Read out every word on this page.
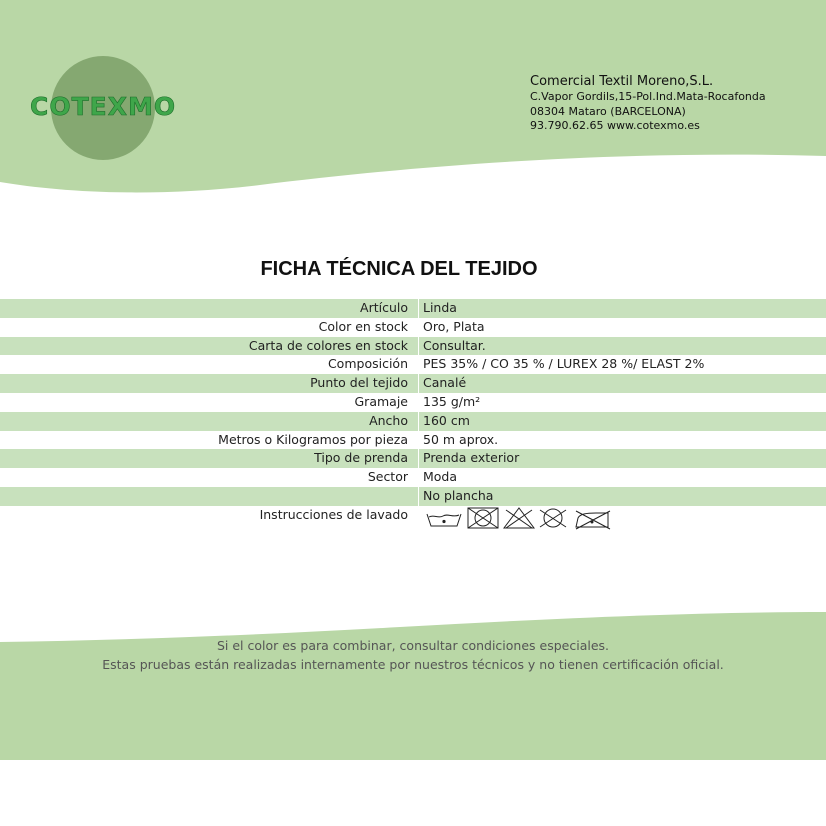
COTEXMO
Comercial Textil Moreno,S.L.
C.Vapor Gordils,15-Pol.Ind.Mata-Rocafonda
08304 Mataro (BARCELONA)
93.790.62.65 www.cotexmo.es
FICHA TÉCNICA DEL TEJIDO
Artículo Linda
Color en stock Oro, Plata
Carta de colores en stock Consultar.
Composición PES 35% / CO 35 % / LUREX 28 %/ ELAST 2%
Punto del tejido Canalé
Gramaje 135 g/m²
Ancho 160 cm
Metros o Kilogramos por pieza 50 m aprox.
Tipo de prenda Prenda exterior
Sector Moda
No plancha
Instrucciones de lavado
Si el color es para combinar, consultar condiciones especiales.
Estas pruebas están realizadas internamente por nuestros técnicos y no tienen certificación oficial.
